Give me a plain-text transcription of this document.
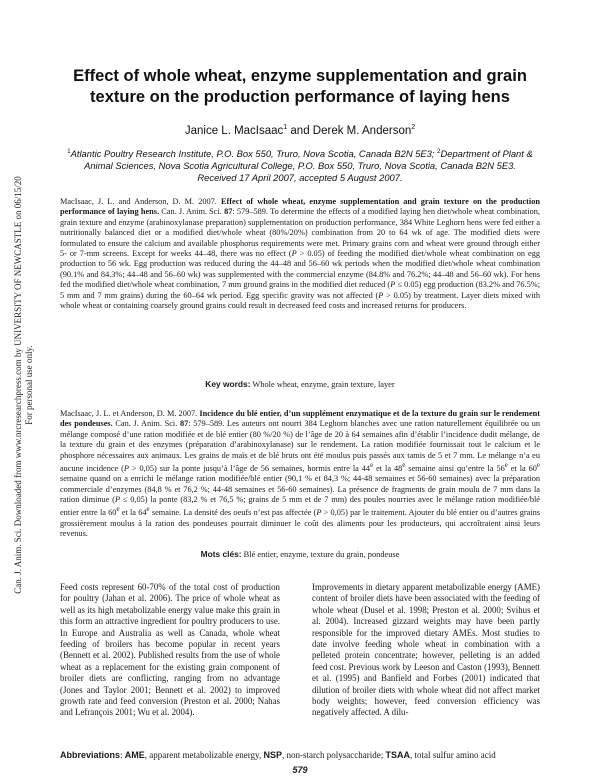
Can. J. Anim. Sci. Downloaded from www.nrcresearchpress.com by UNIVERSITY OF NEWCASTLE on 06/15/20
For personal use only.
Effect of whole wheat, enzyme supplementation and grain texture on the production performance of laying hens
Janice L. MacIsaac$^1$ and Derek M. Anderson$^2$
$^1$Atlantic Poultry Research Institute, P.O. Box 550, Truro, Nova Scotia, Canada B2N 5E3; $^2$Department of Plant & Animal Sciences, Nova Scotia Agricultural College, P.O. Box 550, Truro, Nova Scotia, Canada B2N 5E3.
Received 17 April 2007, accepted 5 August 2007.

MacIsaac, J. L. and Anderson, D. M. 2007. Effect of whole wheat, enzyme supplementation and grain texture on the production performance of laying hens. Can. J. Anim. Sci. 87: 579–589. To determine the effects of a modified laying hen diet/whole wheat combination, grain texture and enzyme (arabinoxylanase preparation) supplementation on production performance, 384 White Leghorn hens were fed either a nutritionally balanced diet or a modified diet/whole wheat (80%/20%) combination from 20 to 64 wk of age. The modified diets were formulated to ensure the calcium and available phosphorus requirements were met. Primary grains corn and wheat were ground through either 5- or 7-mm screens. Except for weeks 44–48, there was no effect (P > 0.05) of feeding the modified diet/whole wheat combination on egg production to 56 wk. Egg production was reduced during the 44–48 and 56–60 wk periods when the modified diet/whole wheat combination (90.1% and 84.3%; 44–48 and 56–60 wk) was supplemented with the commercial enzyme (84.8% and 76.2%; 44–48 and 56–60 wk). For hens fed the modified diet/whole wheat combination, 7 mm ground grains in the modified diet reduced (P ≤ 0.05) egg production (83.2% and 76.5%; 5 mm and 7 mm grains) during the 60–64 wk period. Egg specific gravity was not affected (P > 0.05) by treatment. Layer diets mixed with whole wheat or containing coarsely ground grains could result in decreased feed costs and increased returns for producers.

Key words: Whole wheat, enzyme, grain texture, layer

MacIsaac, J. L. et Anderson, D. M. 2007. Incidence du blé entier, d’un supplément enzymatique et de la texture du grain sur le rendement des pondeuses. Can. J. Anim. Sci. 87: 579–589. Les auteurs ont nourri 384 Leghorn blanches avec une ration naturellement équilibrée ou un mélange composé d’une ration modifiée et de blé entier (80 %/20 %) de l’âge de 20 à 64 semaines afin d’établir l’incidence dudit mélange, de la texture du grain et des enzymes (préparation d’arabinoxylanase) sur le rendement. La ration modifiée fournissait tout le calcium et le phosphore nécessaires aux animaux. Les grains de maïs et de blé bruts ont été moulus puis passés aux tamis de 5 et 7 mm. Le mélange n’a eu aucune incidence (P > 0,05) sur la ponte jusqu’à l’âge de 56 semaines, hormis entre la 44e et la 48e semaine ainsi qu’entre la 56e et la 60e semaine quand on a enrichi le mélange ration modifiée/blé entier (90,1 % et 84,3 %; 44-48 semaines et 56-60 semaines) avec la préparation commerciale d’enzymes (84,8 % et 76,2 %; 44-48 semaines et 56-60 semaines). La présence de fragments de grain moulu de 7 mm dans la ration diminue (P ≤ 0,05) la ponte (83,2 % et 76,5 %; grains de 5 mm et de 7 mm) des poules nourries avec le mélange ration modifiée/blé entier entre la 60e et la 64e semaine. La densité des oeufs n’est pas affectée (P > 0,05) par le traitement. Ajouter du blé entier ou d’autres grains grossièrement moulus à la ration des pondeuses pourrait diminuer le coût des aliments pour les producteurs, qui accroîtraient ainsi leurs revenus.

Mots clés: Blé entier, enzyme, texture du grain, pondeuse

Feed costs represent 60-70% of the total cost of production for poultry (Jahan et al. 2006). The price of whole wheat as well as its high metabolizable energy value make this grain in this form an attractive ingredient for poultry producers to use. In Europe and Australia as well as Canada, whole wheat feeding of broilers has become popular in recent years (Bennett et al. 2002). Published results from the use of whole wheat as a replacement for the existing grain component of broiler diets are conflicting, ranging from no advantage (Jones and Taylor 2001; Bennett et al. 2002) to improved growth rate and feed conversion (Preston et al. 2000; Nahas and Lefrançois 2001; Wu et al. 2004).

Improvements in dietary apparent metabolizable energy (AME) content of broiler diets have been associated with the feeding of whole wheat (Dusel et al. 1998; Preston et al. 2000; Svihus et al. 2004). Increased gizzard weights may have been partly responsible for the improved dietary AMEs. Most studies to date involve feeding whole wheat in combination with a pelleted protein concentrate; however, pelleting is an added feed cost. Previous work by Leeson and Caston (1993), Bennett et al. (1995) and Banfield and Forbes (2001) indicated that dilution of broiler diets with whole wheat did not affect market body weights; however, feed conversion efficiency was negatively affected. A dilu-

Abbreviations: AME, apparent metabolizable energy, NSP, non-starch polysaccharide; TSAA, total sulfur amino acid
579
